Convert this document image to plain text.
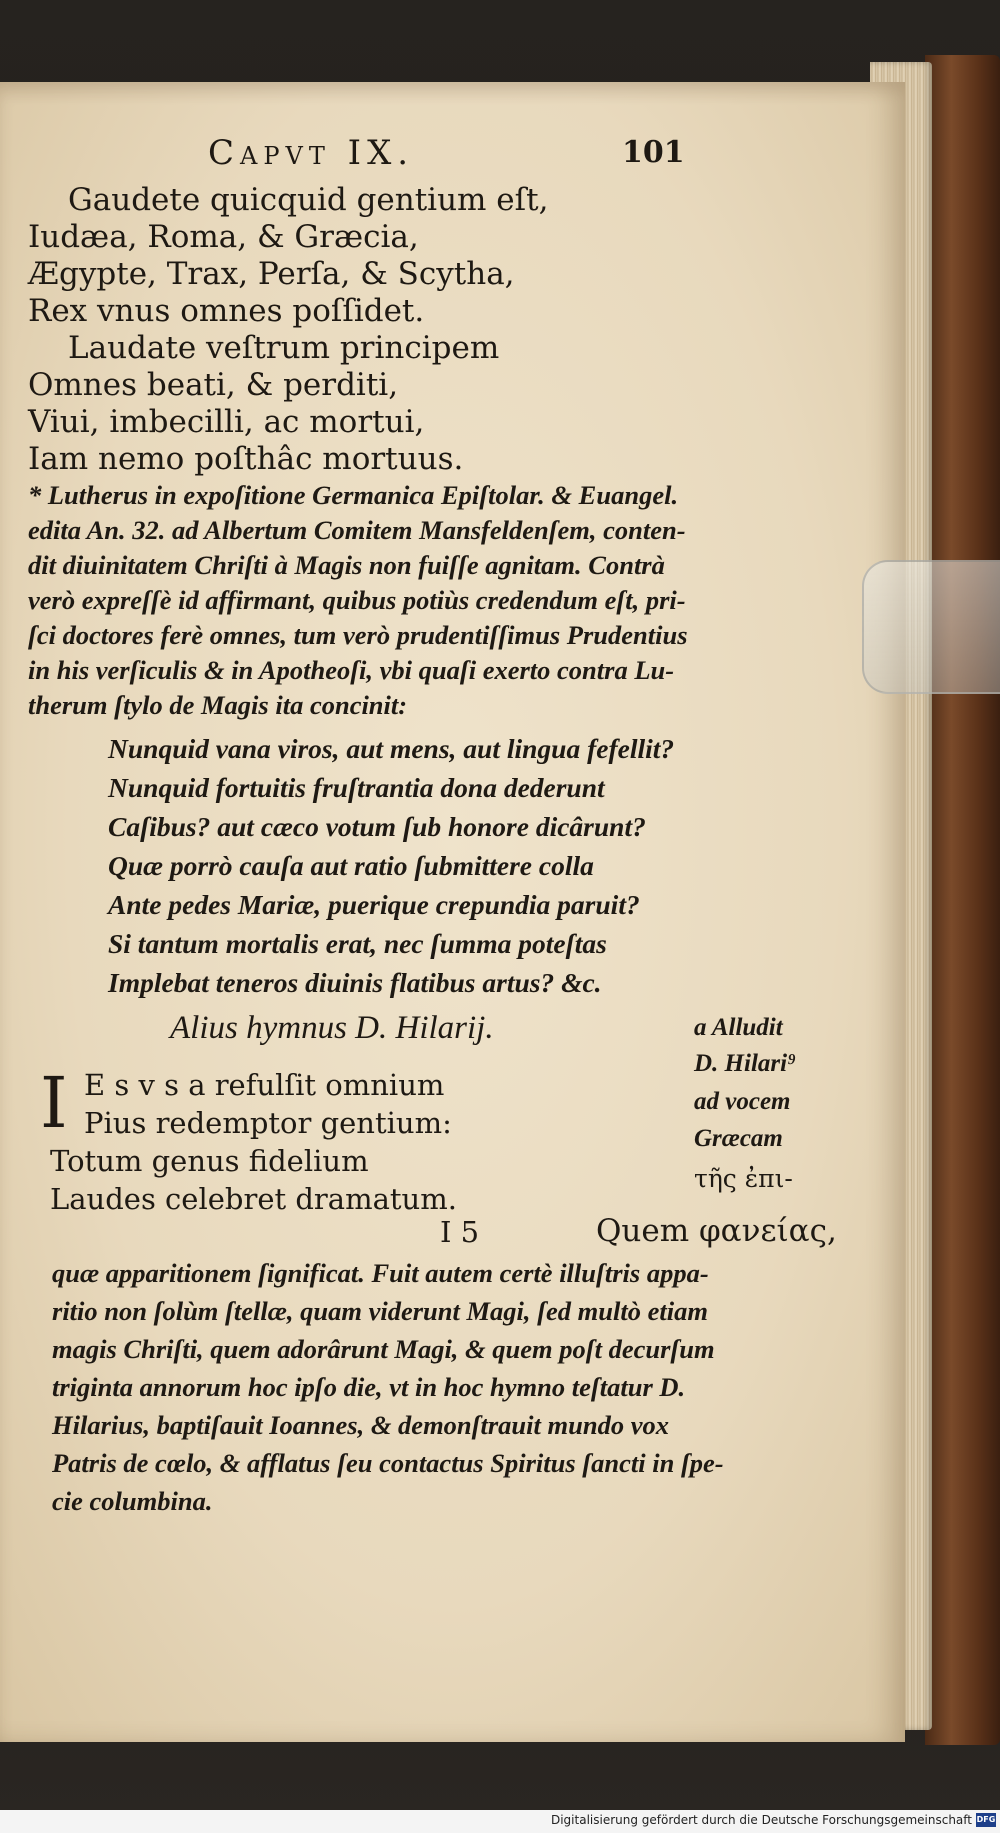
Capvt IX.	101
Gaudete quicquid gentium eſt,
Iudæa, Roma, & Græcia,
Ægypte, Trax, Perſa, & Scytha,
Rex vnus omnes poſſidet.
Laudate veſtrum principem
Omnes beati, & perditi,
Viui, imbecilli, ac mortui,
Iam nemo poſthâc mortuus.
* Lutherus in expoſitione Germanica Epiſtolar. & Euangel.
edita An. 32. ad Albertum Comitem Mansfeldenſem, conten-
dit diuinitatem Chriſti à Magis non fuiſſe agnitam. Contrà
verò expreſſè id affirmant, quibus potiùs credendum eſt, pri-
ſci doctores ferè omnes, tum verò prudentiſſimus Prudentius
in his verſiculis & in Apotheoſi, vbi quaſi exerto contra Lu-
therum ſtylo de Magis ita concinit:
Nunquid vana viros, aut mens, aut lingua fefellit?
Nunquid fortuitis fruſtrantia dona dederunt
Caſibus? aut cæco votum ſub honore dicârunt?
Quæ porrò cauſa aut ratio ſubmittere colla
Ante pedes Mariæ, puerique crepundia paruit?
Si tantum mortalis erat, nec ſumma poteſtas
Implebat teneros diuinis flatibus artus? &c.
Alius hymnus D. Hilarij.
I E s v s a refulſit omnium
Pius redemptor gentium:
Totum genus fidelium
Laudes celebret dramatum.
a Alludit
D. Hilari⁹
ad vocem
Græcam
τῆς ἐπι-
I 5	Quem φανείας,
quæ apparitionem ſignificat. Fuit autem certè illuſtris appa-
ritio non ſolùm ſtellæ, quam viderunt Magi, ſed multò etiam
magis Chriſti, quem adorârunt Magi, & quem poſt decurſum
triginta annorum hoc ipſo die, vt in hoc hymno teſtatur D.
Hilarius, baptiſauit Ioannes, & demonſtrauit mundo vox
Patris de cœlo, & afflatus ſeu contactus Spiritus ſancti in ſpe-
cie columbina.
Digitalisierung gefördert durch die Deutsche Forschungsgemeinschaft DFG
